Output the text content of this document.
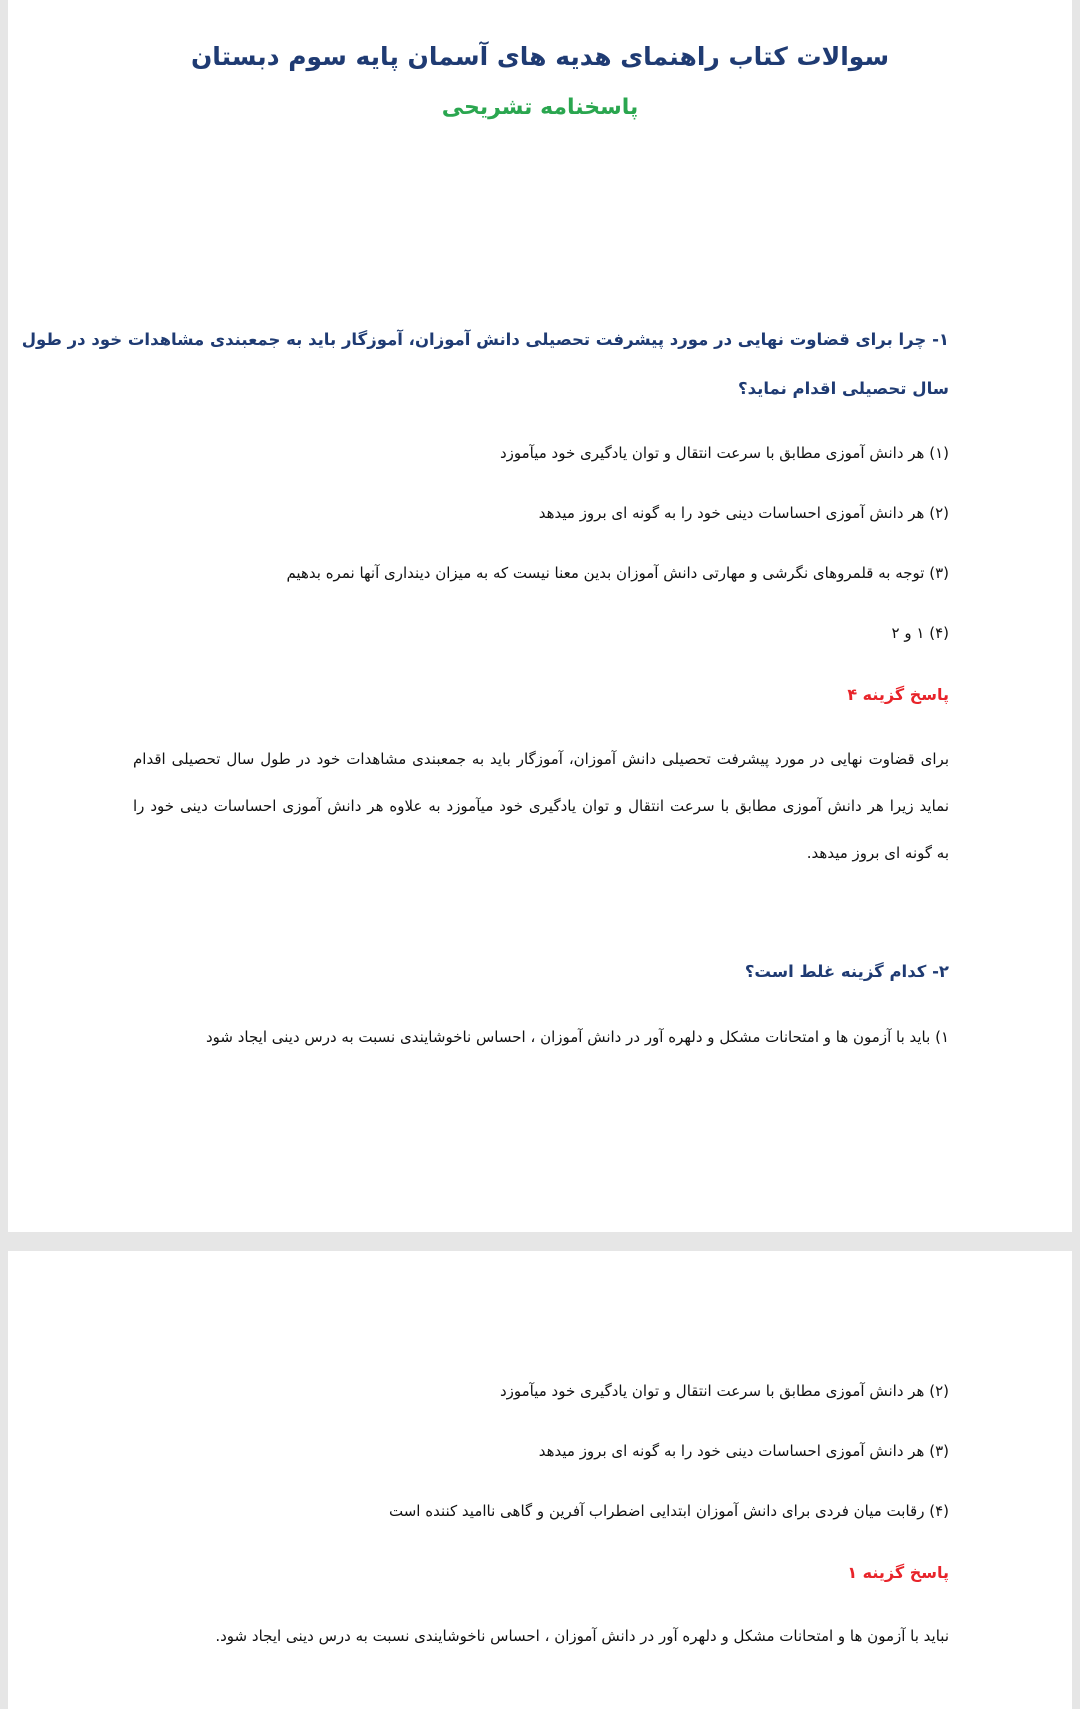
سوالات کتاب راهنمای هدیه های آسمان پایه سوم دبستان

پاسخنامه تشریحی

۱- چرا برای قضاوت نهایی در مورد پیشرفت تحصیلی دانش آموزان، آموزگار باید به جمعبندی مشاهدات خود در طول

سال تحصیلی اقدام نماید؟

(۱) هر دانش آموزی مطابق با سرعت انتقال و توان یادگیری خود میآموزد

(۲) هر دانش آموزی احساسات دینی خود را به گونه ای بروز میدهد

(۳) توجه به قلمروهای نگرشی و مهارتی دانش آموزان بدین معنا نیست که به میزان دینداری آنها نمره بدهیم

(۴) ۱ و ۲

پاسخ گزینه ۴

برای قضاوت نهایی در مورد پیشرفت تحصیلی دانش آموزان، آموزگار باید به جمعبندی مشاهدات خود در طول سال تحصیلی اقدام

نماید زیرا هر دانش آموزی مطابق با سرعت انتقال و توان یادگیری خود میآموزد به علاوه هر دانش آموزی احساسات دینی خود را

به گونه ای بروز میدهد.

۲- کدام گزینه غلط است؟

۱) باید با آزمون ها و امتحانات مشکل و دلهره آور در دانش آموزان ، احساس ناخوشایندی نسبت به درس دینی ایجاد شود

(۲) هر دانش آموزی مطابق با سرعت انتقال و توان یادگیری خود میآموزد

(۳) هر دانش آموزی احساسات دینی خود را به گونه ای بروز میدهد

(۴) رقابت میان فردی برای دانش آموزان ابتدایی اضطراب آفرین و گاهی ناامید کننده است

پاسخ گزینه ۱

نباید با آزمون ها و امتحانات مشکل و دلهره آور در دانش آموزان ، احساس ناخوشایندی نسبت به درس دینی ایجاد شود.
